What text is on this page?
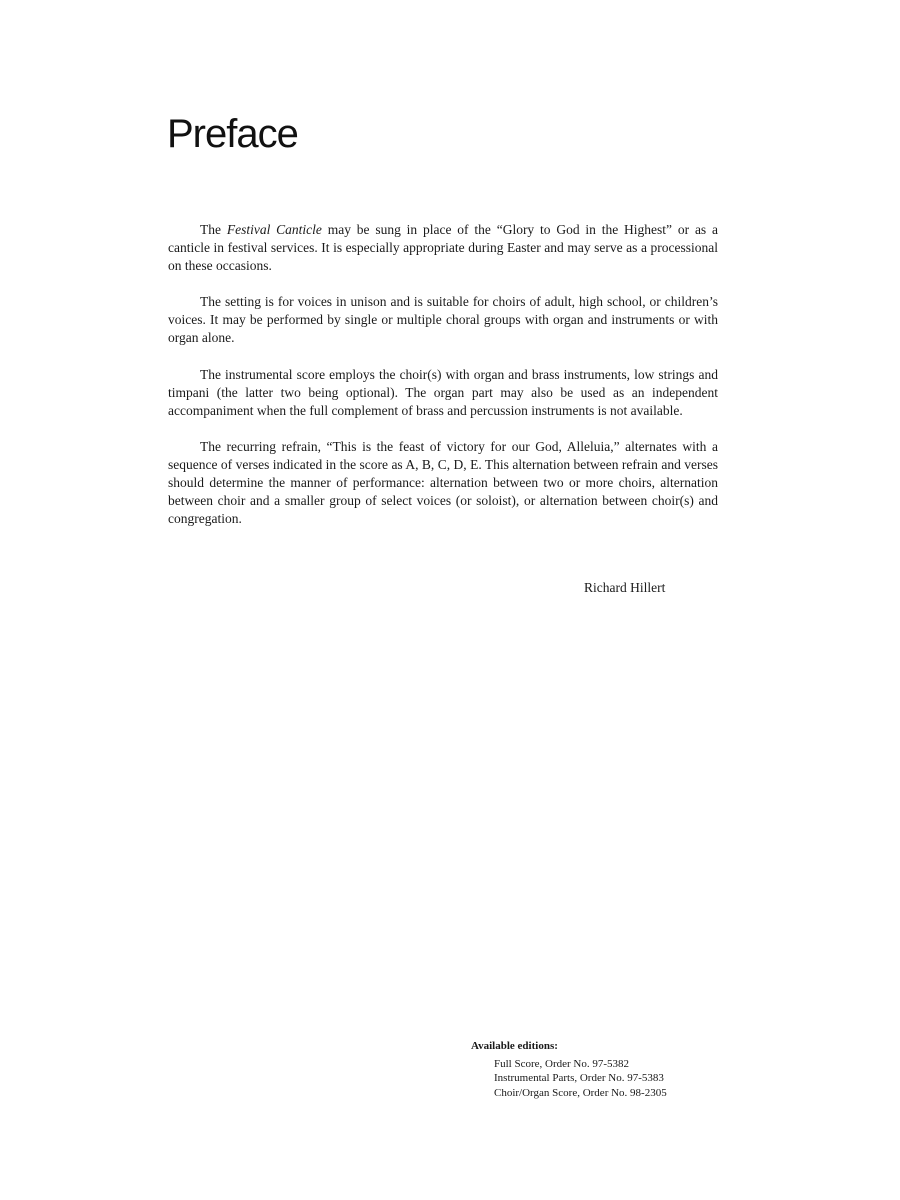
Preface

The Festival Canticle may be sung in place of the “Glory to God in the Highest” or as a canticle in festival services. It is especially appropriate during Easter and may serve as a processional on these occasions.

The setting is for voices in unison and is suitable for choirs of adult, high school, or children’s voices. It may be performed by single or multiple choral groups with organ and instruments or with organ alone.

The instrumental score employs the choir(s) with organ and brass instruments, low strings and timpani (the latter two being optional). The organ part may also be used as an independent accompaniment when the full complement of brass and percussion instruments is not available.

The recurring refrain, “This is the feast of victory for our God, Alleluia,” alternates with a sequence of verses indicated in the score as A, B, C, D, E. This alternation between refrain and verses should determine the manner of performance: alternation between two or more choirs, alternation between choir and a smaller group of select voices (or soloist), or alternation between choir(s) and congregation.

Richard Hillert

Available editions:

Full Score, Order No. 97-5382
Instrumental Parts, Order No. 97-5383
Choir/Organ Score, Order No. 98-2305
